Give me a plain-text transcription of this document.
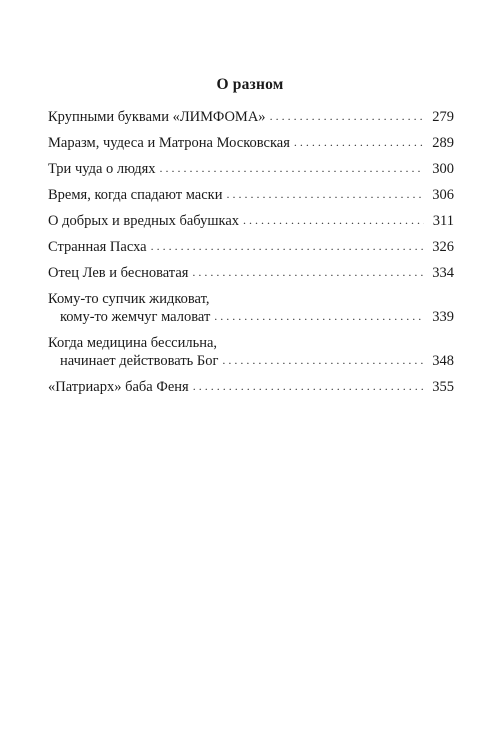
О разном
Крупными буквами «ЛИМФОМА» . . .	279
Маразм, чудеса и Матрона Московская . . .	289
Три чуда о людях . . .	300
Время, когда спадают маски . . .	306
О добрых и вредных бабушках . . .	311
Странная Пасха . . .	326
Отец Лев и бесноватая . . .	334
Кому-то супчик жидковат,
кому-то жемчуг маловат . . .	339
Когда медицина бессильна,
начинает действовать Бог . . .	348
«Патриарх» баба Феня . . .	355
